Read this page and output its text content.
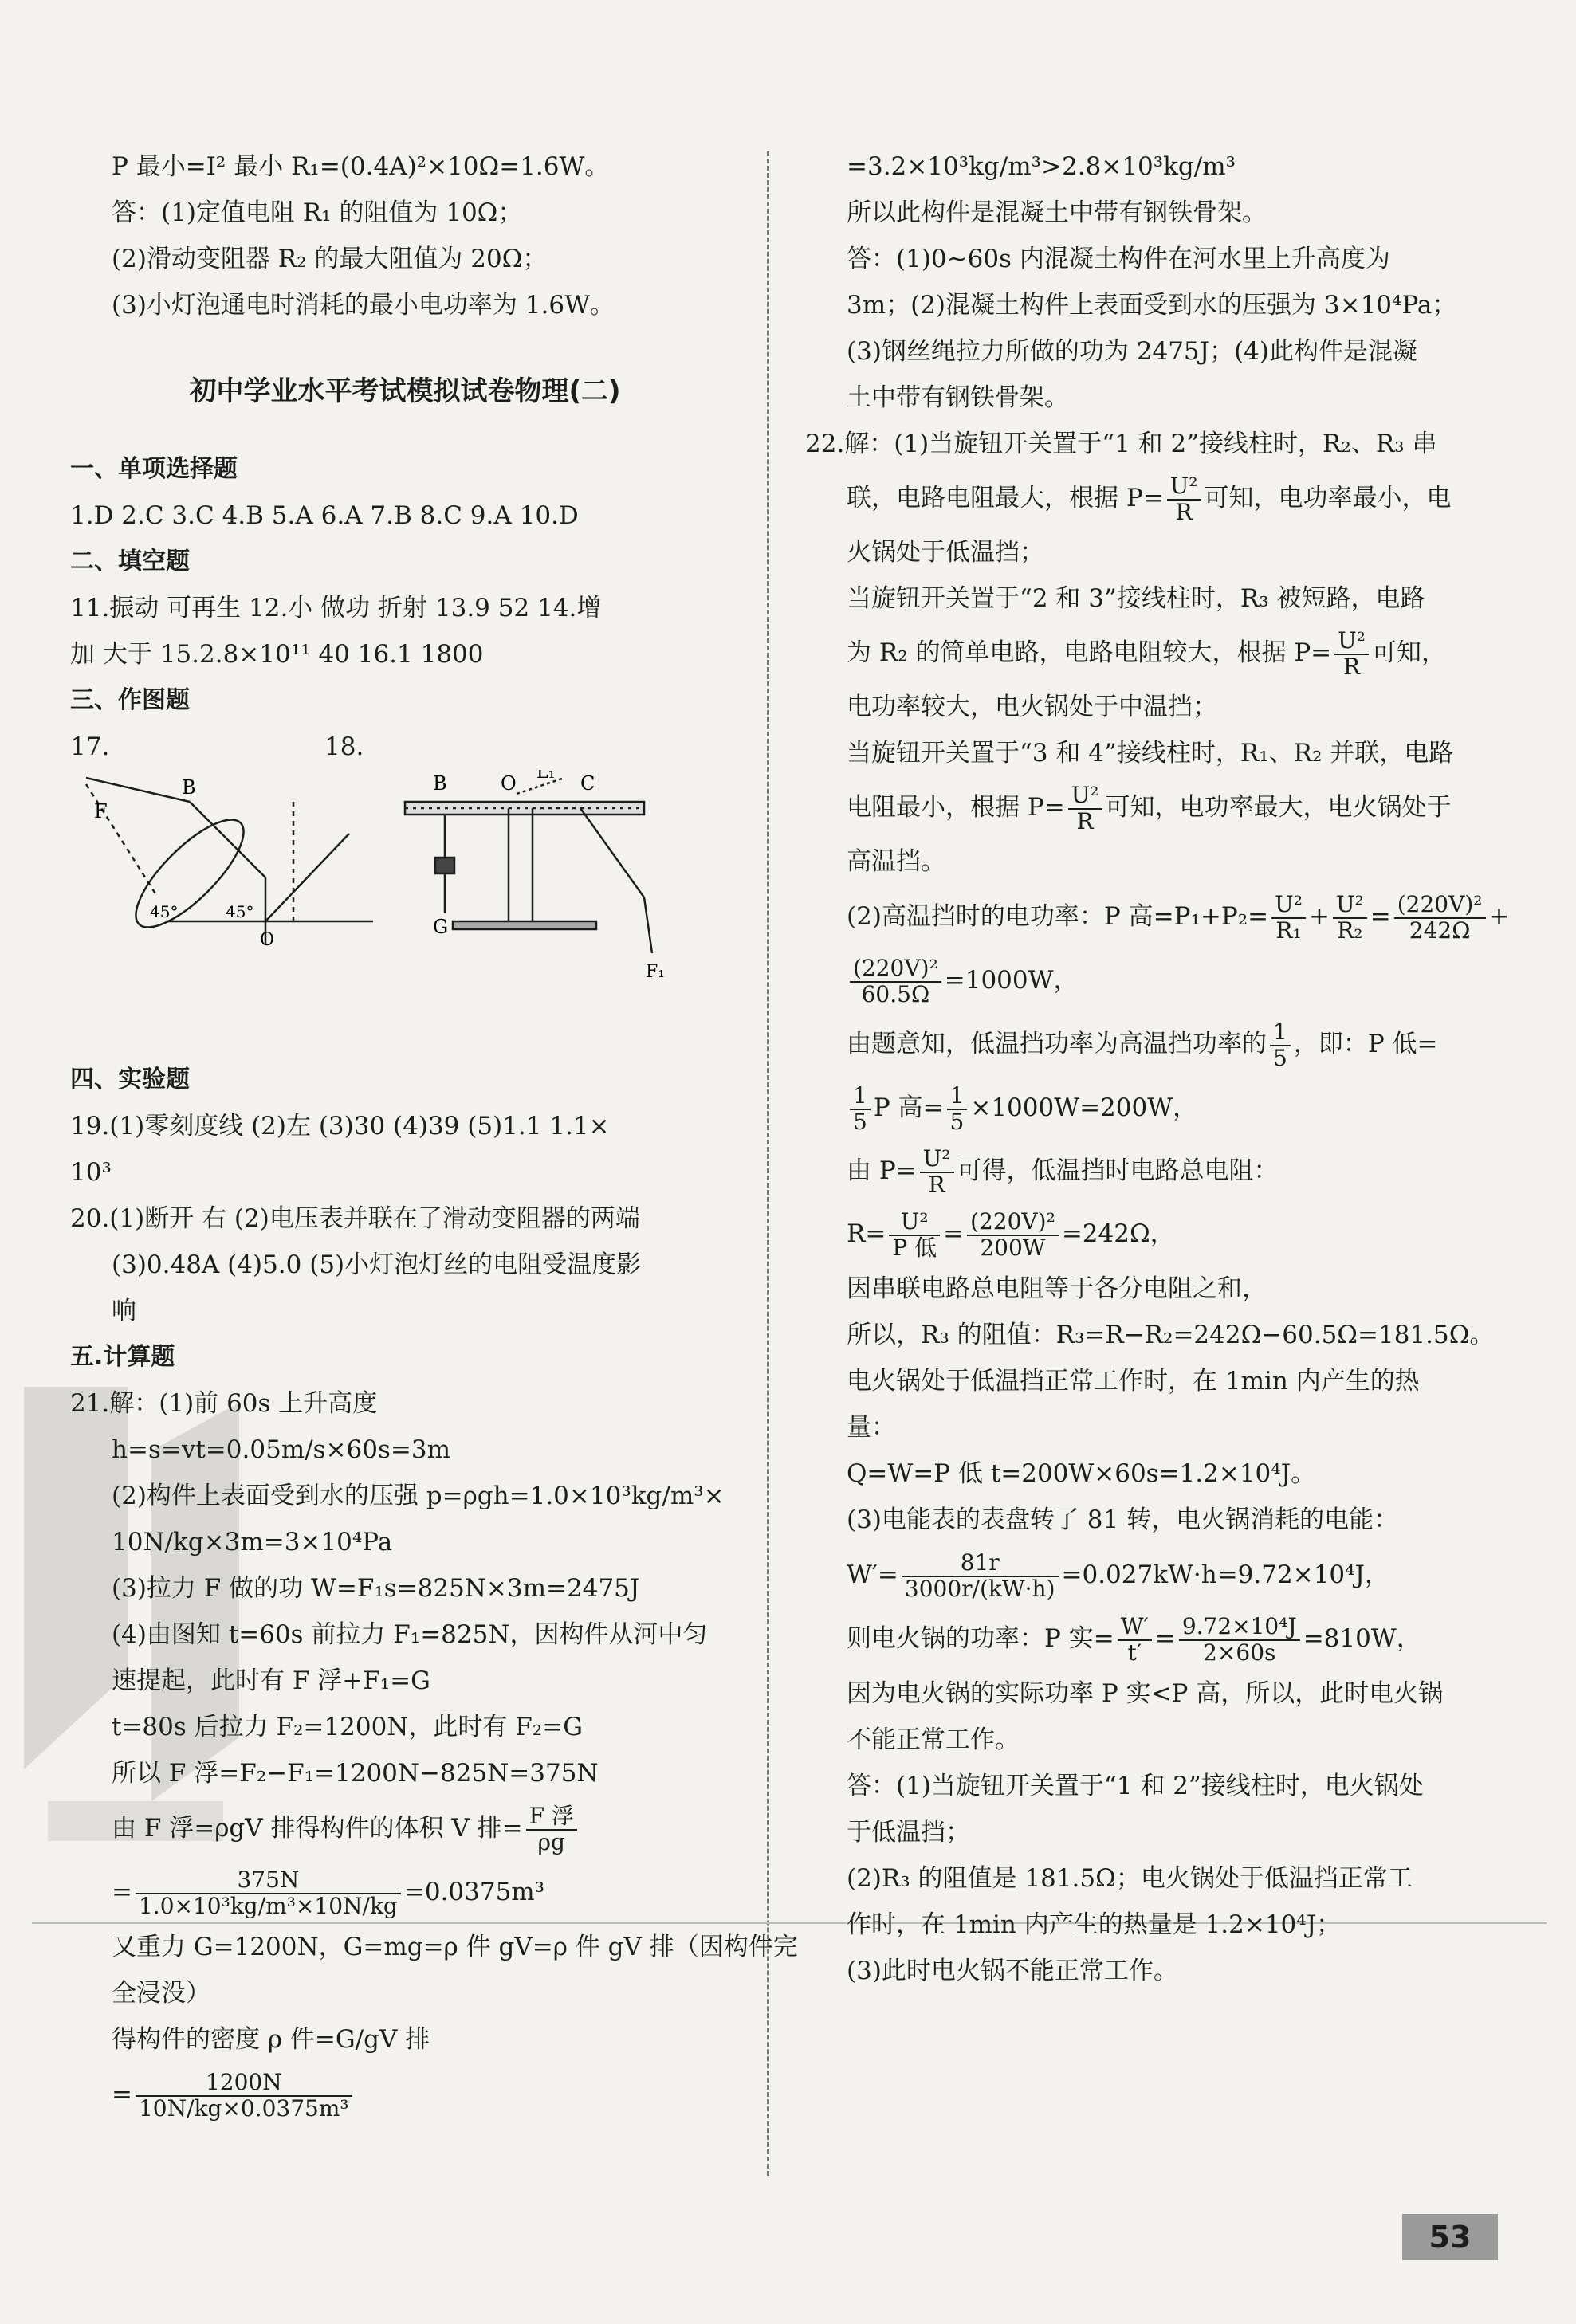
P 最小=I² 最小 R₁=(0.4A)²×10Ω=1.6W。
答：(1)定值电阻 R₁ 的阻值为 10Ω；
(2)滑动变阻器 R₂ 的最大阻值为 20Ω；
(3)小灯泡通电时消耗的最小电功率为 1.6W。
初中学业水平考试模拟试卷物理(二)
一、单项选择题
1.D 2.C 3.C 4.B 5.A 6.A 7.B 8.C 9.A 10.D
二、填空题
11.振动 可再生 12.小 做功 折射 13.9 52 14.增
加 大于 15.2.8×10¹¹ 40 16.1 1800
三、作图题
17.	18.
F
B
45°	45°
O
B	O L₁ C
G
F₁
四、实验题
19.(1)零刻度线 (2)左 (3)30 (4)39 (5)1.1 1.1×
10³
20.(1)断开 右 (2)电压表并联在了滑动变阻器的两端
(3)0.48A (4)5.0 (5)小灯泡灯丝的电阻受温度影
响
五.计算题
21.解：(1)前 60s 上升高度
h=s=vt=0.05m/s×60s=3m
(2)构件上表面受到水的压强 p=ρgh=1.0×10³kg/m³×
10N/kg×3m=3×10⁴Pa
(3)拉力 F 做的功 W=F₁s=825N×3m=2475J
(4)由图知 t=60s 前拉力 F₁=825N，因构件从河中匀
速提起，此时有 F 浮+F₁=G
t=80s 后拉力 F₂=1200N，此时有 F₂=G
所以 F 浮=F₂−F₁=1200N−825N=375N
由 F 浮=ρgV 排得构件的体积 V 排= $\frac{\text{F 浮}}{\rho g}$
= $\frac{375N}{\text{1.0×10³kg/m³×10N/kg}} =0.0375m^3$
又重力 G=1200N，G=mg=ρ 件 gV=ρ 件 gV 排（因构件完
全浸没）
得构件的密度 ρ 件=G/gV 排
= $\frac{1200N}{\text{10N/kg×0.0375m³}}$
=3.2×10³kg/m³>2.8×10³kg/m³
所以此构件是混凝土中带有钢铁骨架。
答：(1)0~60s 内混凝土构件在河水里上升高度为
3m；(2)混凝土构件上表面受到水的压强为 3×10⁴Pa；
(3)钢丝绳拉力所做的功为 2475J；(4)此构件是混凝
土中带有钢铁骨架。
22.解：(1)当旋钮开关置于“1 和 2”接线柱时，R₂、R₃ 串
联，电路电阻最大，根据 $P= \frac{\text{U²}}{R}$ 可知，电功率最小，电
火锅处于低温挡；
当旋钮开关置于“2 和 3”接线柱时，R₃ 被短路，电路
为 R₂ 的简单电路，电路电阻较大，根据 $P= \frac{\text{U²}}{R}$ 可知，
电功率较大，电火锅处于中温挡；
当旋钮开关置于“3 和 4”接线柱时，R₁、R₂ 并联，电路
电阻最小，根据 $P= \frac{\text{U²}}{R}$ 可知，电功率最大，电火锅处于
高温挡。
(2)高温挡时的电功率：P 高$=P_1+P_2= \frac{\text{U²}}{\text{R₁}} + \frac{\text{U²}}{\text{R₂}} = \frac{\text{(220V)²}}{242\Omega}$ +
$\frac{\text{(220V)²}}{60.5\Omega} =1000W$，
由题意知，低温挡功率为高温挡功率的 $\frac{1}{5}$ ，即：P 低=
$\frac{1}{5}$ P 高= $\frac{1}{5} \times 1000W=200W$，
由 $P= \frac{\text{U²}}{R}$ 可得，低温挡时电路总电阻：
$R= \frac{\text{U²}}{\text{P 低}} = \frac{\text{(220V)²}}{200W} =242\Omega$，
因串联电路总电阻等于各分电阻之和，
所以，R₃ 的阻值：R₃=R−R₂=242Ω−60.5Ω=181.5Ω。
电火锅处于低温挡正常工作时，在 1min 内产生的热
量：
Q=W=P 低 t=200W×60s=1.2×10⁴J。
(3)电能表的表盘转了 81 转，电火锅消耗的电能：
$W'= \frac{81r}{3000r/(kW\cdot h)} =0.027kW\cdot h=9.72\times 10^4J$，
则电火锅的功率：P 实= $\frac{W'}{t'} = \frac{\text{9.72×10⁴J}}{2\times 60s} =810W$，
因为电火锅的实际功率 P 实<P 高，所以，此时电火锅
不能正常工作。
答：(1)当旋钮开关置于“1 和 2”接线柱时，电火锅处
于低温挡；
(2)R₃ 的阻值是 181.5Ω；电火锅处于低温挡正常工
作时，在 1min 内产生的热量是 1.2×10⁴J；
(3)此时电火锅不能正常工作。
53
